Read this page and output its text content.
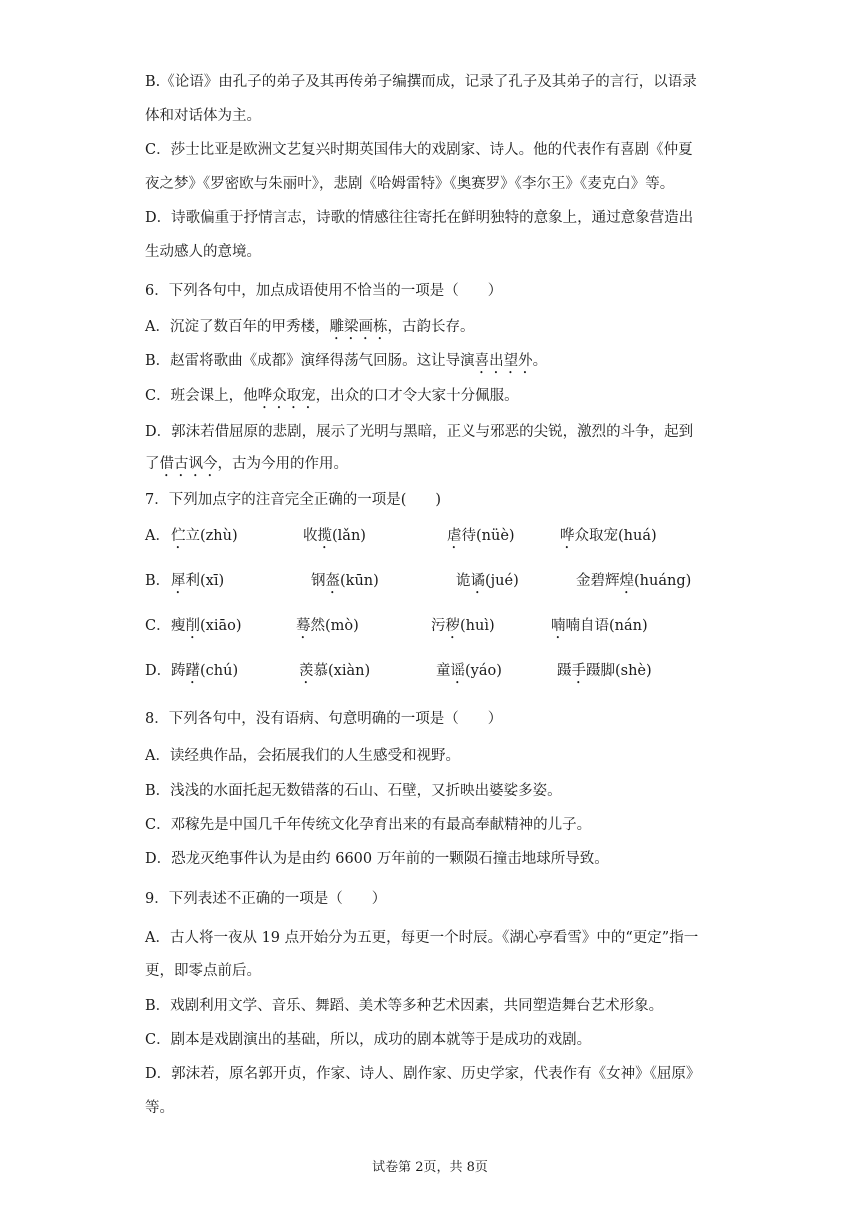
B.《论语》由孔子的弟子及其再传弟子编撰而成，记录了孔子及其弟子的言行，以语录
体和对话体为主。
C．莎士比亚是欧洲文艺复兴时期英国伟大的戏剧家、诗人。他的代表作有喜剧《仲夏
夜之梦》《罗密欧与朱丽叶》，悲剧《哈姆雷特》《奥赛罗》《李尔王》《麦克白》等。
D．诗歌偏重于抒情言志，诗歌的情感往往寄托在鲜明独特的意象上，通过意象营造出
生动感人的意境。
6．下列各句中，加点成语使用不恰当的一项是（　　）
A．沉淀了数百年的甲秀楼，雕梁画栋，古韵长存。
B．赵雷将歌曲《成都》演绎得荡气回肠。这让导演喜出望外。
C．班会课上，他哗众取宠，出众的口才令大家十分佩服。
D．郭沫若借屈原的悲剧，展示了光明与黑暗，正义与邪恶的尖锐，激烈的斗争，起到
了借古讽今，古为今用的作用。
7．下列加点字的注音完全正确的一项是(　　)
A． 伫立(zhù)	收揽(lǎn)	虐待(nüè)	哗众取宠(huá)
B． 犀利(xī)	钢盔(kūn)	诡谲(jué)	金碧辉煌(huáng)
C． 瘦削(xiāo)	蓦然(mò)	污秽(huì)	喃喃自语(nán)
D． 踌躇(chú)	羡慕(xiàn)	童谣(yáo)	蹑手蹑脚(shè)
8．下列各句中，没有语病、句意明确的一项是（　　）
A．读经典作品，会拓展我们的人生感受和视野。
B．浅浅的水面托起无数错落的石山、石壁，又折映出婆娑多姿。
C．邓稼先是中国几千年传统文化孕育出来的有最高奉献精神的儿子。
D．恐龙灭绝事件认为是由约 6600 万年前的一颗陨石撞击地球所导致。
9．下列表述不正确的一项是（　　）
A．古人将一夜从 19 点开始分为五更，每更一个时辰。《湖心亭看雪》中的“更定”指一
更，即零点前后。
B．戏剧利用文学、音乐、舞蹈、美术等多种艺术因素，共同塑造舞台艺术形象。
C．剧本是戏剧演出的基础，所以，成功的剧本就等于是成功的戏剧。
D．郭沫若，原名郭开贞，作家、诗人、剧作家、历史学家，代表作有《女神》《屈原》
等。
试卷第 2页，共 8页
